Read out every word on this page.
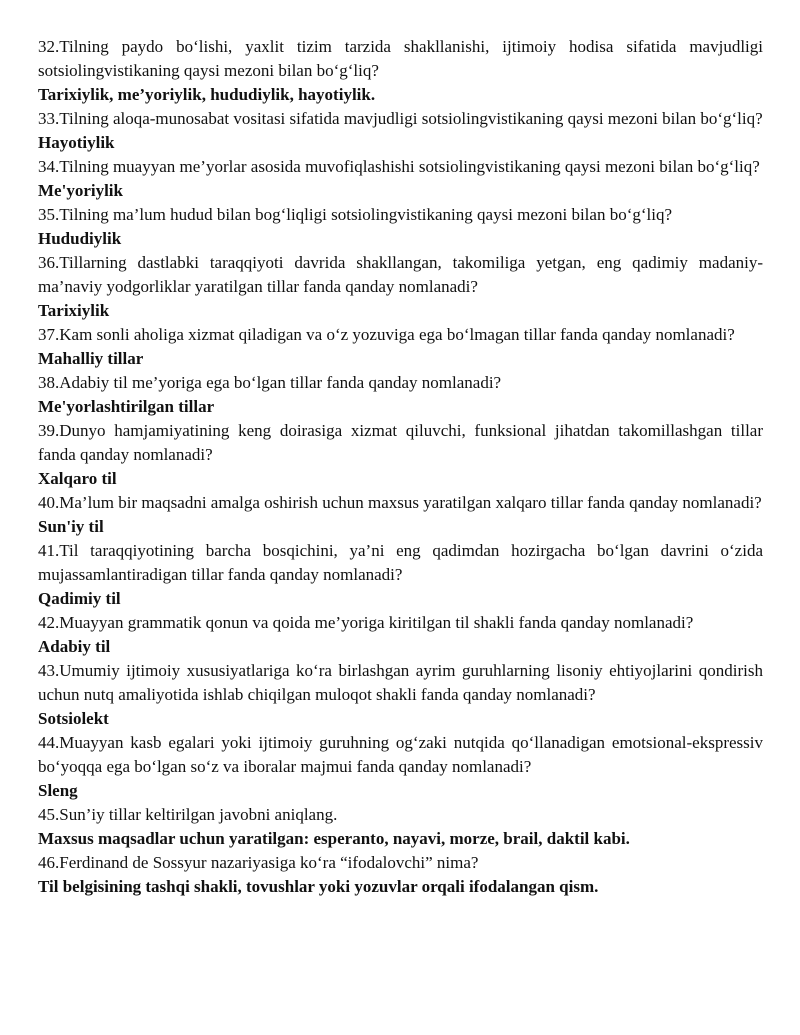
32.Tilning paydo bo‘lishi, yaxlit tizim tarzida shakllanishi, ijtimoiy hodisa sifatida mavjudligi sotsiolingvistikaning qaysi mezoni bilan bo‘g‘liq?

Tarixiylik, me’yoriylik, hududiylik, hayotiylik.

33.Tilning aloqa-munosabat vositasi sifatida mavjudligi sotsiolingvistikaning qaysi mezoni bilan bo‘g‘liq?

Hayotiylik

34.Tilning muayyan me’yorlar asosida muvofiqlashishi sotsiolingvistikaning qaysi mezoni bilan bo‘g‘liq?

Me'yoriylik

35.Tilning ma’lum hudud bilan bog‘liqligi sotsiolingvistikaning qaysi mezoni bilan bo‘g‘liq?

Hududiylik

36.Tillarning dastlabki taraqqiyoti davrida shakllangan, takomiliga yetgan, eng qadimiy madaniy-ma’naviy yodgorliklar yaratilgan tillar fanda qanday nomlanadi?

Tarixiylik

37.Kam sonli aholiga xizmat qiladigan va o‘z yozuviga ega bo‘lmagan tillar fanda qanday nomlanadi?

Mahalliy tillar

38.Adabiy til me’yoriga ega bo‘lgan tillar fanda qanday nomlanadi?

Me'yorlashtirilgan tillar

39.Dunyo hamjamiyatining keng doirasiga xizmat qiluvchi, funksional jihatdan takomillashgan tillar fanda qanday nomlanadi?

Xalqaro til

40.Ma’lum bir maqsadni amalga oshirish uchun maxsus yaratilgan xalqaro tillar fanda qanday nomlanadi?

Sun'iy til

41.Til taraqqiyotining barcha bosqichini, ya’ni eng qadimdan hozirgacha bo‘lgan davrini o‘zida mujassamlantiradigan tillar fanda qanday nomlanadi?

Qadimiy til

42.Muayyan grammatik qonun va qoida me’yoriga kiritilgan til shakli fanda qanday nomlanadi?

Adabiy til

43.Umumiy ijtimoiy xususiyatlariga ko‘ra birlashgan ayrim guruhlarning lisoniy ehtiyojlarini qondirish uchun nutq amaliyotida ishlab chiqilgan muloqot shakli fanda qanday nomlanadi?

Sotsiolekt

44.Muayyan kasb egalari yoki ijtimoiy guruhning og‘zaki nutqida qo‘llanadigan emotsional-ekspressiv bo‘yoqqa ega bo‘lgan so‘z va iboralar majmui fanda qanday nomlanadi?

Sleng

45.Sun’iy tillar keltirilgan javobni aniqlang.

Maxsus maqsadlar uchun yaratilgan: esperanto, nayavi, morze, brail, daktil kabi.

46.Ferdinand de Sossyur nazariyasiga ko‘ra “ifodalovchi” nima?

Til belgisining tashqi shakli, tovushlar yoki yozuvlar orqali ifodalangan qism.
